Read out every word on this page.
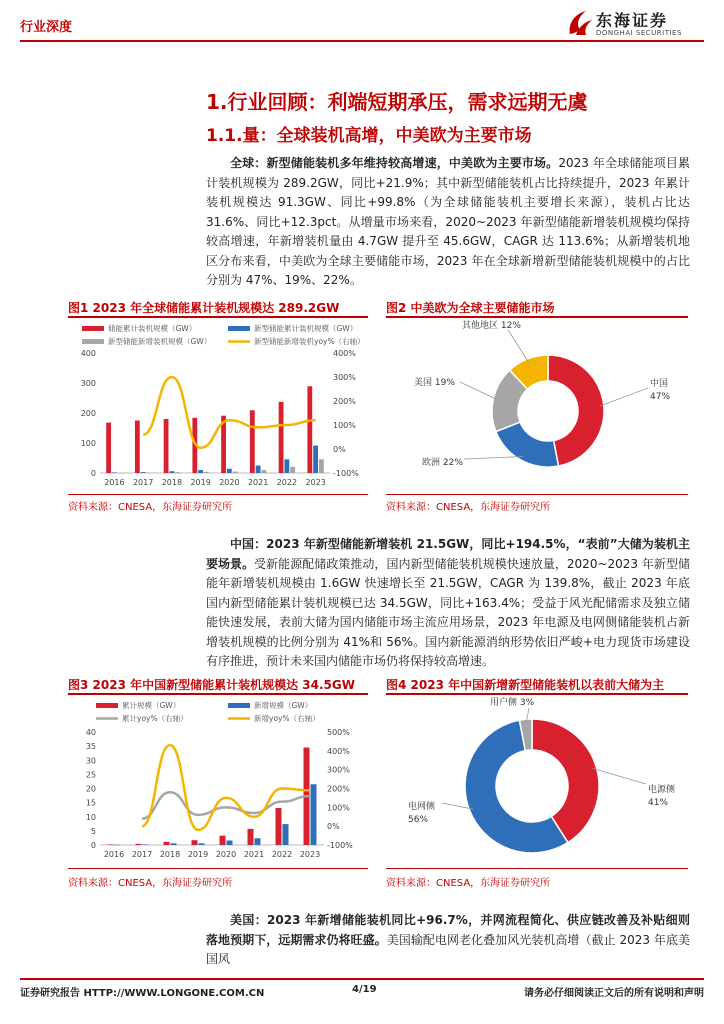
行业深度	东海证券
DONGHAI SECURITIES
1.行业回顾：利端短期承压，需求远期无虞
1.1.量：全球装机高增，中美欧为主要市场
全球：新型储能装机多年维持较高增速，中美欧为主要市场。2023 年全球储能项目累计装机规模为 289.2GW，同比+21.9%；其中新型储能装机占比持续提升，2023 年累计装机规模达 91.3GW、同比+99.8%（为全球储能装机主要增长来源），装机占比达 31.6%、同比+12.3pct。从增量市场来看，2020~2023 年新型储能新增装机规模均保持较高增速，年新增装机量由 4.7GW 提升至 45.6GW，CAGR 达 113.6%；从新增装机地区分布来看，中美欧为全球主要储能市场，2023 年在全球新增新型储能装机规模中的占比分别为 47%、19%、22%。
图1 2023 年全球储能累计装机规模达 289.2GW
储能累计装机规模（GW）	新型储能累计装机规模（GW）
新型储能新增装机规模（GW）	新型储能新增装机yoy%（右轴）
0
100
200
300
400
-100%
0%
100%
200%
300%
400%
2016 2017 2018 2019 2020 2021 2022 2023
资料来源：CNESA，东海证券研究所
图2 中美欧为全球主要储能市场
中国
47%
欧洲 22%
美国 19%
其他地区 12%
资料来源：CNESA，东海证券研究所
中国：2023 年新型储能新增装机 21.5GW，同比+194.5%，“表前”大储为装机主要场景。受新能源配储政策推动，国内新型储能装机规模快速放量，2020~2023 年新型储能年新增装机规模由 1.6GW 快速增长至 21.5GW，CAGR 为 139.8%，截止 2023 年底国内新型储能累计装机规模已达 34.5GW，同比+163.4%；受益于风光配储需求及独立储能快速发展，表前大储为国内储能市场主流应用场景，2023 年电源及电网侧储能装机占新增装机规模的比例分别为 41%和 56%。国内新能源消纳形势依旧严峻+电力现货市场建设有序推进，预计未来国内储能市场仍将保持较高增速。
图3 2023 年中国新型储能累计装机规模达 34.5GW
累计规模（GW）	新增规模（GW）
累计yoy%（右轴）	新增yoy%（右轴）
0
5
10
15
20
25
30
35
40
-100%
0%
100%
200%
300%
400%
500%
2016 2017 2018 2019 2020 2021 2022 2023
资料来源：CNESA，东海证券研究所
图4 2023 年中国新增新型储能装机以表前大储为主
电源侧
41%
电网侧
56%
用户侧 3%
资料来源：CNESA，东海证券研究所
美国：2023 年新增储能装机同比+96.7%，并网流程简化、供应链改善及补贴细则落地预期下，远期需求仍将旺盛。美国输配电网老化叠加风光装机高增（截止 2023 年底美国风
证券研究报告 HTTP://WWW.LONGONE.COM.CN	4/19	请务必仔细阅读正文后的所有说明和声明
